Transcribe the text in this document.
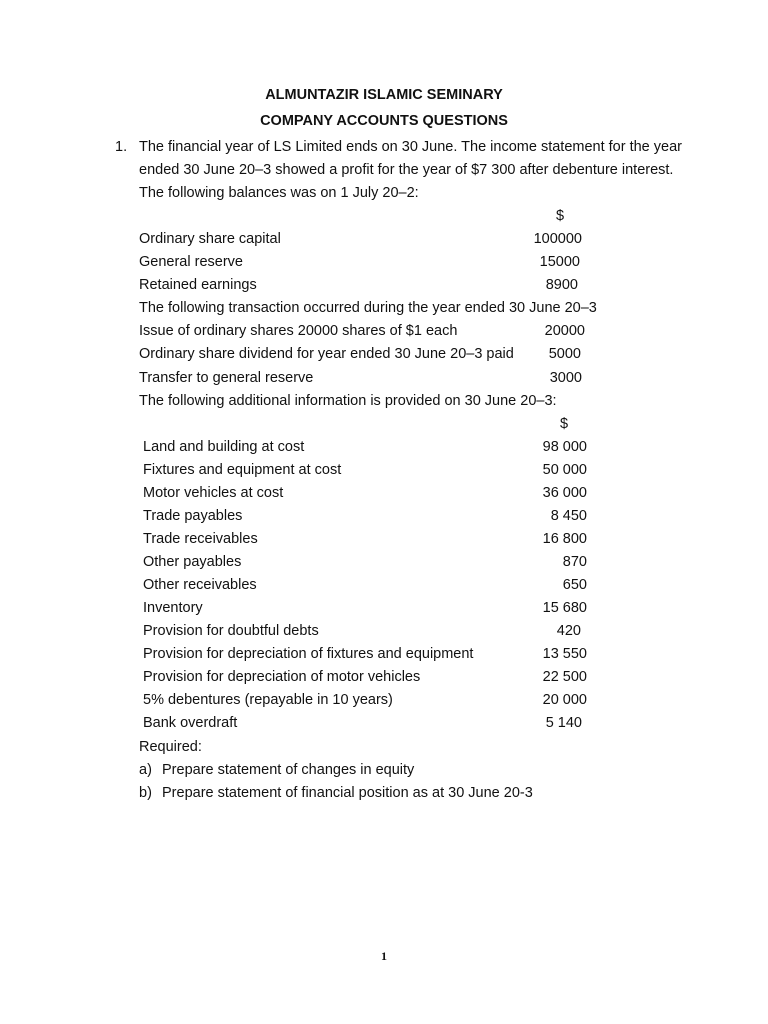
ALMUNTAZIR ISLAMIC SEMINARY
COMPANY ACCOUNTS QUESTIONS
1. The financial year of LS Limited ends on 30 June. The income statement for the year
ended 30 June 20–3 showed a profit for the year of $7 300 after debenture interest.
The following balances was on 1 July 20–2:
$
Ordinary share capital	100000
General reserve	15000
Retained earnings	8900
The following transaction occurred during the year ended 30 June 20–3
Issue of ordinary shares 20000 shares of $1 each	20000
Ordinary share dividend for year ended 30 June 20–3 paid 5000
Transfer to general reserve	3000
The following additional information is provided on 30 June 20–3:
$
Land and building at cost	98 000
Fixtures and equipment at cost	50 000
Motor vehicles at cost	36 000
Trade payables	8 450
Trade receivables	16 800
Other payables	870
Other receivables	650
Inventory	15 680
Provision for doubtful debts	420
Provision for depreciation of fixtures and equipment	13 550
Provision for depreciation of motor vehicles	22 500
5% debentures (repayable in 10 years)	20 000
Bank overdraft	5 140
Required:
a) Prepare statement of changes in equity
b) Prepare statement of financial position as at 30 June 20-3
1
